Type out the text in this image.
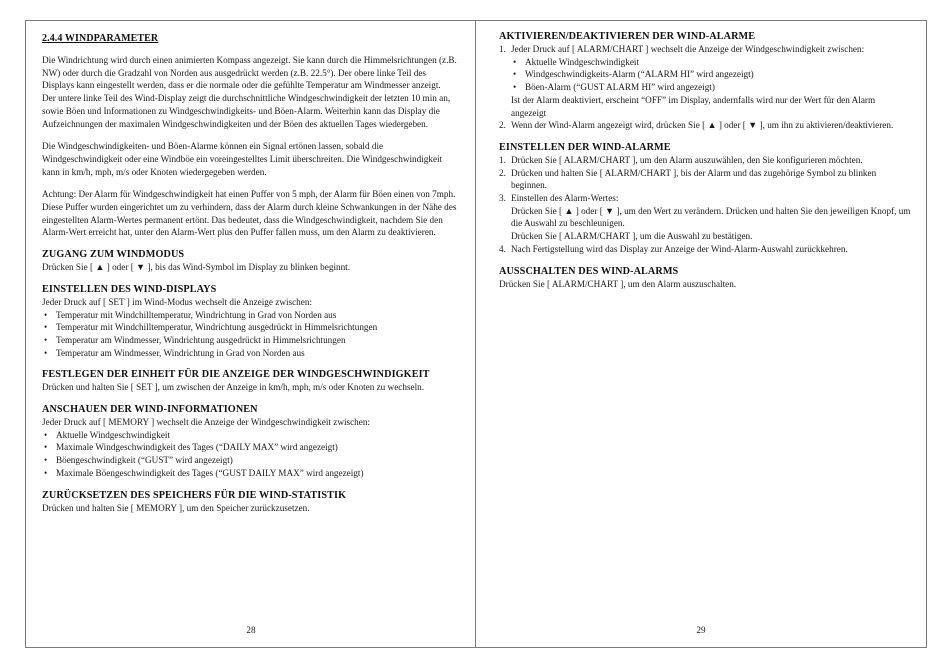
2.4.4 WINDPARAMETER

Die Windrichtung wird durch einen animierten Kompass angezeigt. Sie kann durch die Himmelsrichtungen (z.B. NW) oder durch die Gradzahl von Norden aus ausgedrückt werden (z.B. 22.5°). Der obere linke Teil des Displays kann eingestellt werden, dass er die normale oder die gefühlte Temperatur am Windmesser anzeigt.

Der untere linke Teil des Wind-Display zeigt die durchschnittliche Windgeschwindigkeit der letzten 10 min an, sowie Böen und Informationen zu Windgeschwindigkeits- und Böen-Alarm. Weiterhin kann das Display die Aufzeichnungen der maximalen Windgeschwindigkeiten und der Böen des aktuellen Tages wiedergeben.

Die Windgeschwindigkeiten- und Böen-Alarme können ein Signal ertönen lassen, sobald die Windgeschwindigkeit oder eine Windböe ein voreingestelltes Limit überschreiten. Die Windgeschwindigkeit kann in km/h, mph, m/s oder Knoten wiedergegeben werden.

Achtung: Der Alarm für Windgeschwindigkeit hat einen Puffer von 5 mph, der Alarm für Böen einen von 7mph. Diese Puffer wurden eingerichtet um zu verhindern, dass der Alarm durch kleine Schwankungen in der Nähe des eingestellten Alarm-Wertes permanent ertönt. Das bedeutet, dass die Windgeschwindigkeit, nachdem Sie den Alarm-Wert erreicht hat, unter den Alarm-Wert plus den Puffer fallen muss, um den Alarm zu deaktivieren.

ZUGANG ZUM WINDMODUS

Drücken Sie [ ▲ ] oder [ ▼ ], bis das Wind-Symbol im Display zu blinken beginnt.

EINSTELLEN DES WIND-DISPLAYS

Jeder Druck auf [ SET ] im Wind-Modus wechselt die Anzeige zwischen:

• Temperatur mit Windchilltemperatur, Windrichtung in Grad von Norden aus
• Temperatur mit Windchilltemperatur, Windrichtung ausgedrückt in Himmelsrichtungen
• Temperatur am Windmesser, Windrichtung ausgedrückt in Himmelsrichtungen
• Temperatur am Windmesser, Windrichtung in Grad von Norden aus
FESTLEGEN DER EINHEIT FÜR DIE ANZEIGE DER WINDGESCHWINDIGKEIT

Drücken und halten Sie [ SET ], um zwischen der Anzeige in km/h, mph, m/s oder Knoten zu wechseln.

ANSCHAUEN DER WIND-INFORMATIONEN

Jeder Druck auf [ MEMORY ] wechselt die Anzeige der Windgeschwindigkeit zwischen:

• Aktuelle Windgeschwindigkeit
• Maximale Windgeschwindigkeit des Tages (“DAILY MAX” wird angezeigt)
• Böengeschwindigkeit (“GUST” wird angezeigt)
• Maximale Böengeschwindigkeit des Tages (“GUST DAILY MAX” wird angezeigt)
ZURÜCKSETZEN DES SPEICHERS FÜR DIE WIND-STATISTIK

Drücken und halten Sie [ MEMORY ], um den Speicher zurückzusetzen.

28
AKTIVIEREN/DEAKTIVIEREN DER WIND-ALARME
1. Jeder Druck auf [ ALARM/CHART ] wechselt die Anzeige der Windgeschwindigkeit zwischen:
• Aktuelle Windgeschwindigkeit
• Windgeschwindigkeits-Alarm (“ALARM HI” wird angezeigt)
• Böen-Alarm (“GUST ALARM HI” wird angezeigt)
Ist der Alarm deaktiviert, erscheint “OFF” im Display, andernfalls wird nur der Wert für den Alarm angezeigt
2. Wenn der Wind-Alarm angezeigt wird, drücken Sie [ ▲ ] oder [ ▼ ], um ihn zu aktivieren/deaktivieren.
EINSTELLEN DER WIND-ALARME
1. Drücken Sie [ ALARM/CHART ], um den Alarm auszuwählen, den Sie konfigurieren möchten.
2. Drücken und halten Sie [ ALARM/CHART ], bis der Alarm und das zugehörige Symbol zu blinken beginnen.
3. Einstellen des Alarm-Wertes:
Drücken Sie [ ▲ ] oder [ ▼ ], um den Wert zu verändern. Drücken und halten Sie den jeweiligen Knopf, um die Auswahl zu beschleunigen.
Drücken Sie [ ALARM/CHART ], um die Auswahl zu bestätigen.
4. Nach Fertigstellung wird das Display zur Anzeige der Wind-Alarm-Auswahl zurückkehren.
AUSSCHALTEN DES WIND-ALARMS

Drücken Sie [ ALARM/CHART ], um den Alarm auszuschalten.

29
